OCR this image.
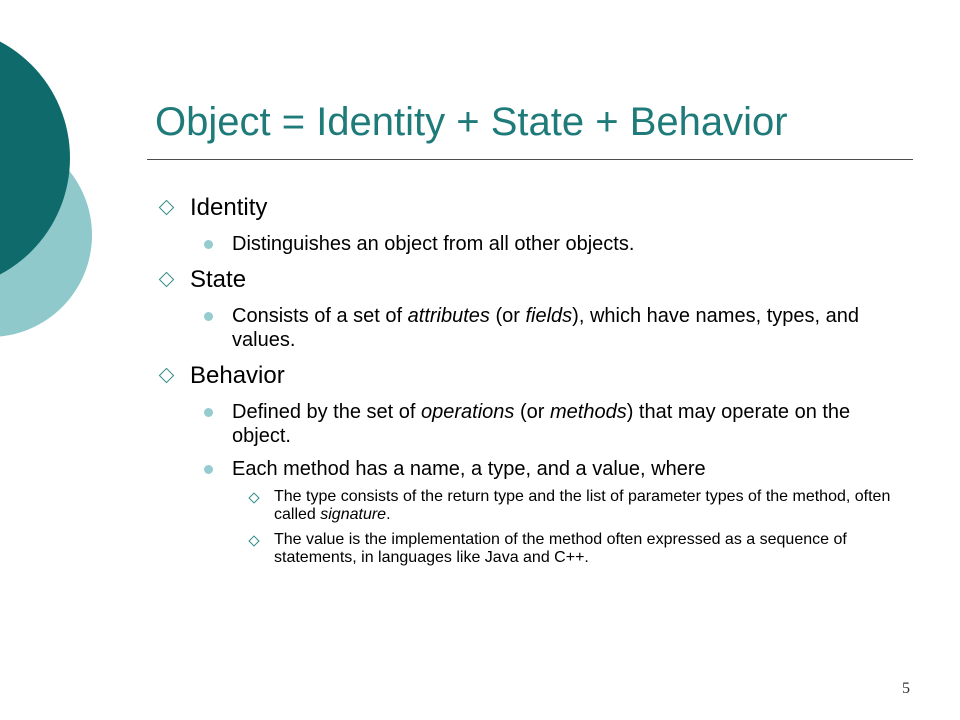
Object = Identity + State + Behavior
Identity
Distinguishes an object from all other objects.
State
Consists of a set of attributes (or fields), which have names, types, and values.
Behavior
Defined by the set of operations (or methods) that may operate on the object.
Each method has a name, a type, and a value, where
The type consists of the return type and the list of parameter types of the method, often called signature.
The value is the implementation of the method often expressed as a sequence of statements, in languages like Java and C++.
5
